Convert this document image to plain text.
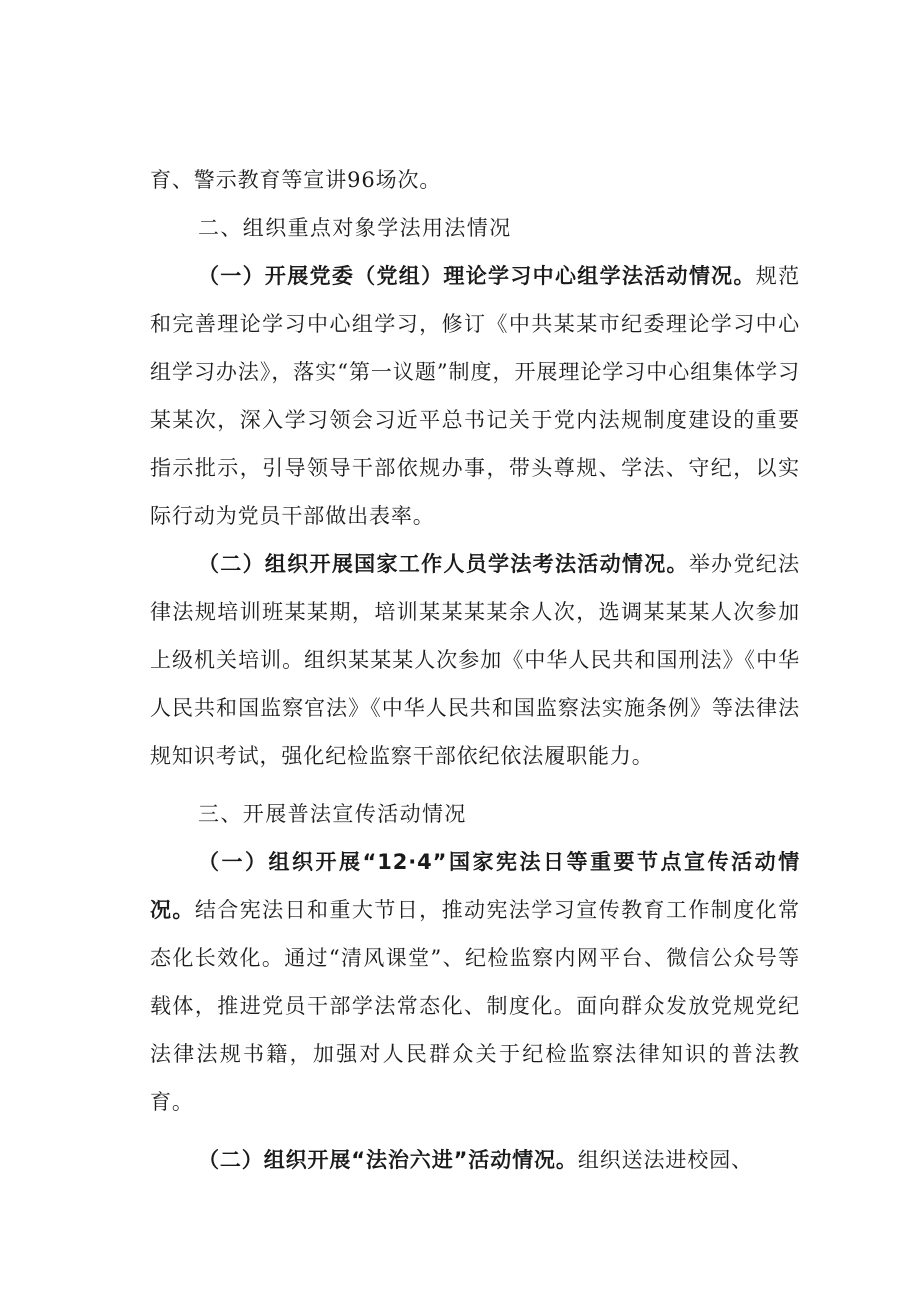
育、警示教育等宣讲96场次。

二、组织重点对象学法用法情况

（一）开展党委（党组）理论学习中心组学法活动情况。规范和完善理论学习中心组学习，修订《中共某某市纪委理论学习中心组学习办法》，落实“第一议题”制度，开展理论学习中心组集体学习某某次，深入学习领会习近平总书记关于党内法规制度建设的重要指示批示，引导领导干部依规办事，带头尊规、学法、守纪，以实际行动为党员干部做出表率。

（二）组织开展国家工作人员学法考法活动情况。举办党纪法律法规培训班某某期，培训某某某某余人次，选调某某某人次参加上级机关培训。组织某某某人次参加《中华人民共和国刑法》《中华人民共和国监察官法》《中华人民共和国监察法实施条例》等法律法规知识考试，强化纪检监察干部依纪依法履职能力。

三、开展普法宣传活动情况

（一）组织开展“12·4”国家宪法日等重要节点宣传活动情况。结合宪法日和重大节日，推动宪法学习宣传教育工作制度化常态化长效化。通过“清风课堂”、纪检监察内网平台、微信公众号等载体，推进党员干部学法常态化、制度化。面向群众发放党规党纪法律法规书籍，加强对人民群众关于纪检监察法律知识的普法教育。

（二）组织开展“法治六进”活动情况。组织送法进校园、
